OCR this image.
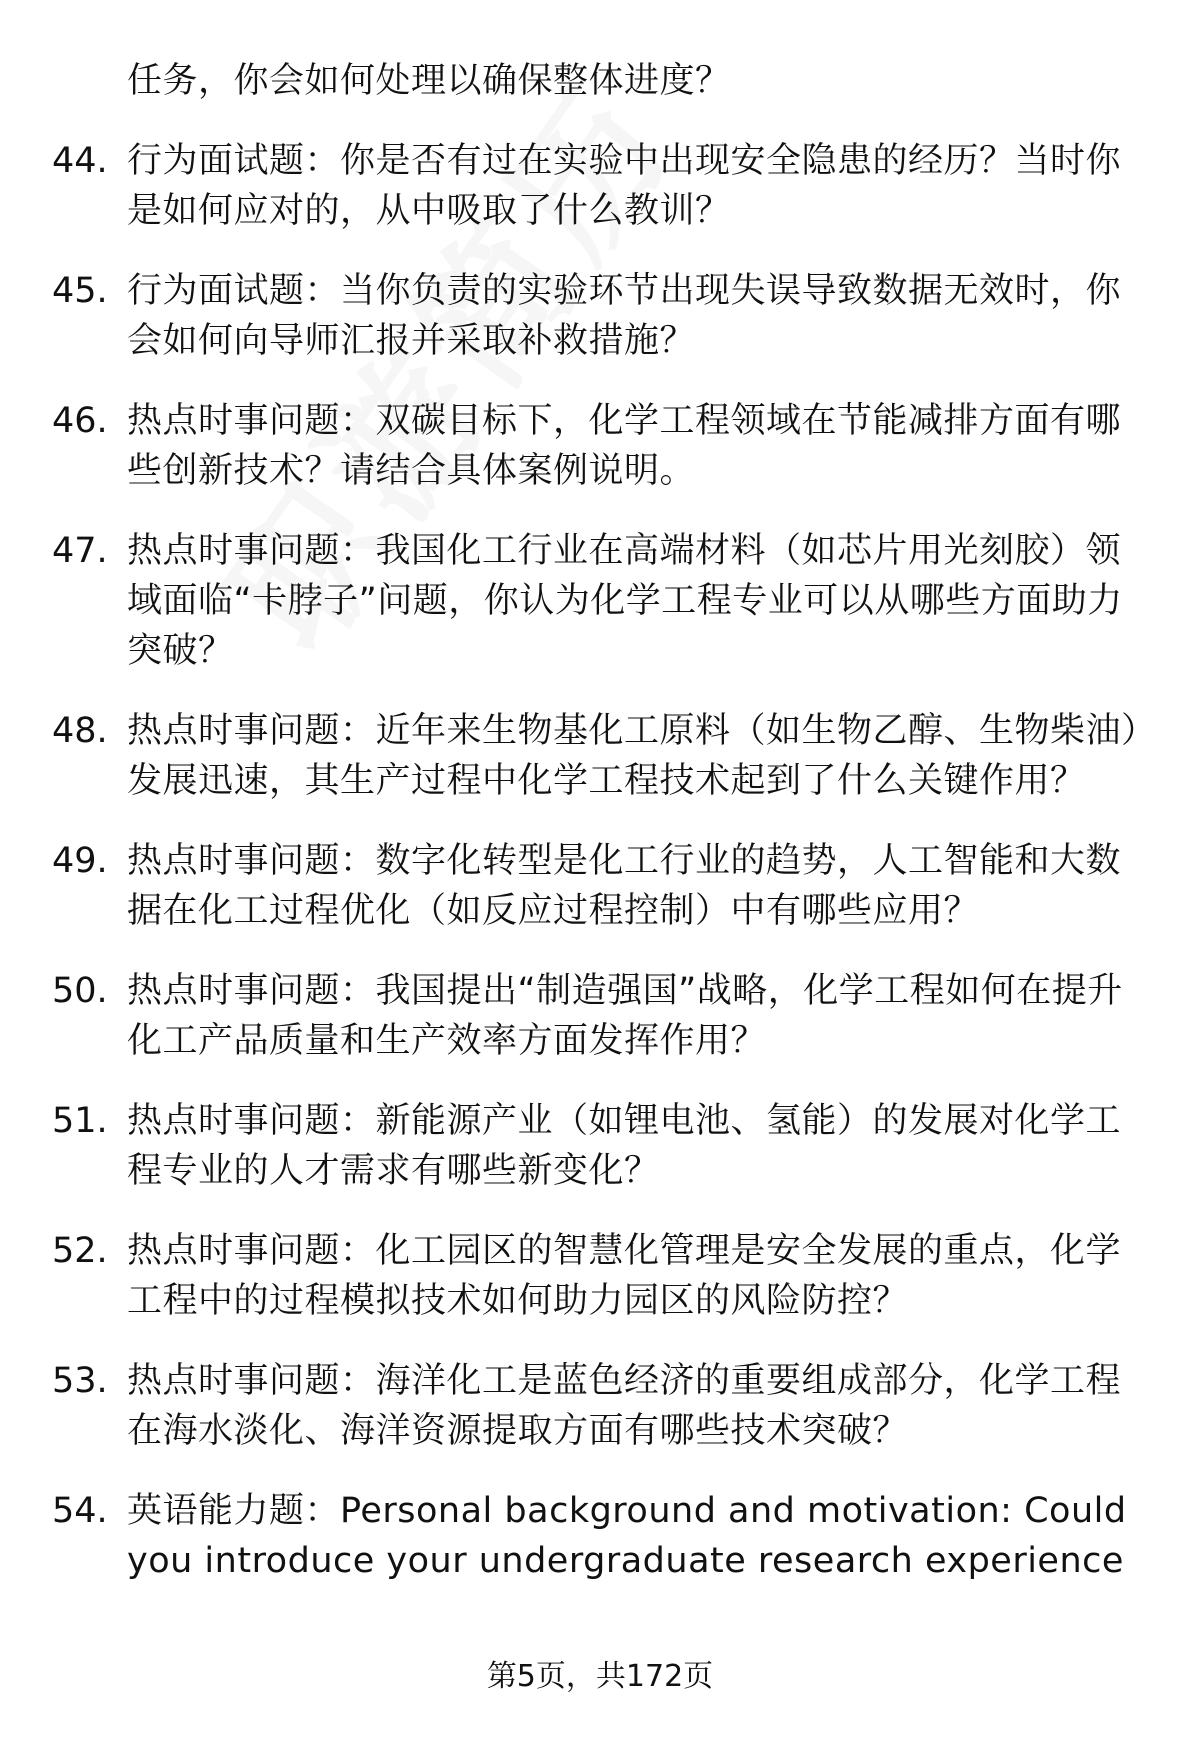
任务，你会如何处理以确保整体进度？
44. 行为面试题：你是否有过在实验中出现安全隐患的经历？当时你是如何应对的，从中吸取了什么教训？
45. 行为面试题：当你负责的实验环节出现失误导致数据无效时，你会如何向导师汇报并采取补救措施？
46. 热点时事问题：双碳目标下，化学工程领域在节能减排方面有哪些创新技术？请结合具体案例说明。
47. 热点时事问题：我国化工行业在高端材料（如芯片用光刻胶）领域面临“卡脖子”问题，你认为化学工程专业可以从哪些方面助力突破？
48. 热点时事问题：近年来生物基化工原料（如生物乙醇、生物柴油）发展迅速，其生产过程中化学工程技术起到了什么关键作用？
49. 热点时事问题：数字化转型是化工行业的趋势，人工智能和大数据在化工过程优化（如反应过程控制）中有哪些应用？
50. 热点时事问题：我国提出“制造强国”战略，化学工程如何在提升化工产品质量和生产效率方面发挥作用？
51. 热点时事问题：新能源产业（如锂电池、氢能）的发展对化学工程专业的人才需求有哪些新变化？
52. 热点时事问题：化工园区的智慧化管理是安全发展的重点，化学工程中的过程模拟技术如何助力园区的风险防控？
53. 热点时事问题：海洋化工是蓝色经济的重要组成部分，化学工程在海水淡化、海洋资源提取方面有哪些技术突破？
54. 英语能力题：Personal background and motivation: Could you introduce your undergraduate research experience
第5页，共172页
